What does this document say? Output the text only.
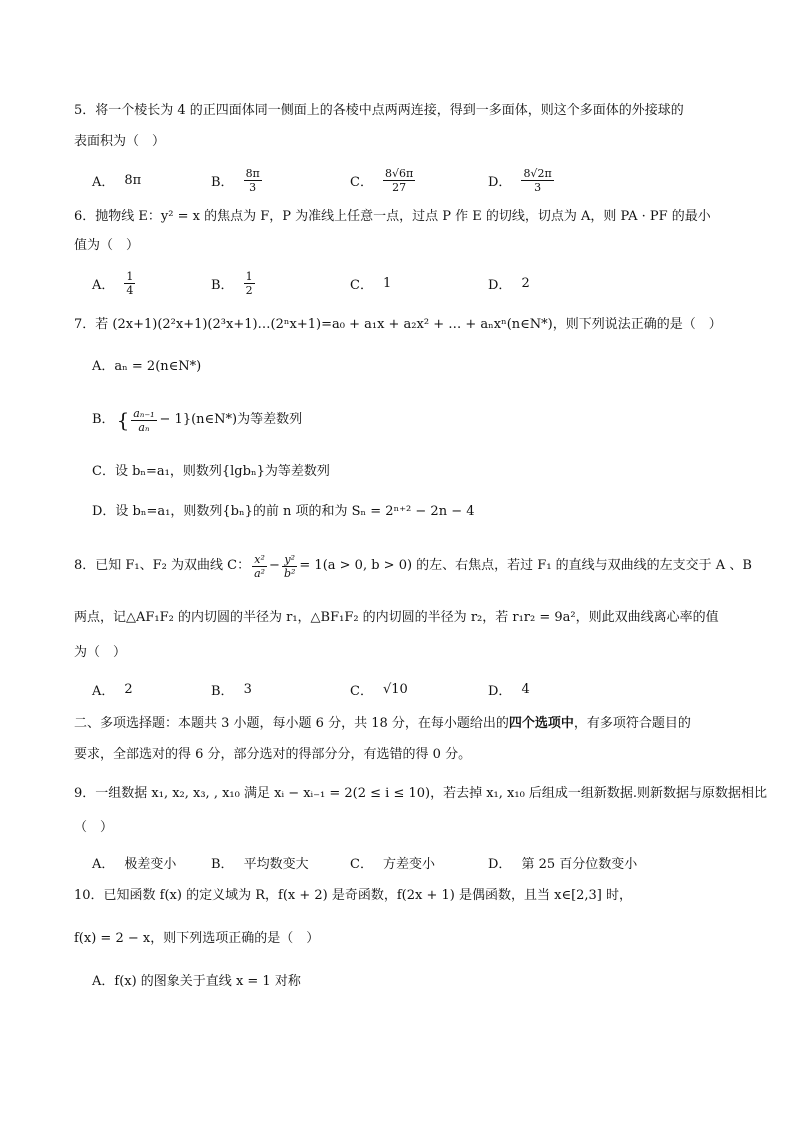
5．将一个棱长为 4 的正四面体同一侧面上的各棱中点两两连接，得到一多面体，则这个多面体的外接球的
表面积为（　）
A． 8π	B． $\frac{8\pi}{3}$	C． $\frac{8√6\pi}{27}$	D． $\frac{8√2\pi}{3}$
6．抛物线 E：y² = x 的焦点为 F，P 为准线上任意一点，过点 P 作 E 的切线，切点为 A，则 PA · PF 的最小
值为（　）
A． $\frac{1}{4}$	B． $\frac{1}{2}$	C． 1	D． 2
7．若 (2x+1)(2²x+1)(2³x+1)…(2ⁿx+1)=a₀ + a₁x + a₂x² + … + aₙxⁿ(n∈N*)，则下列说法正确的是（　）
A．aₙ = 2(n∈N*)
B． { $\frac{\text{aₙ₋₁}}{\text{aₙ}}$ − 1}(n∈N*)为等差数列
C．设 bₙ=a₁，则数列{lgbₙ}为等差数列
D．设 bₙ=a₁，则数列{bₙ}的前 n 项的和为 Sₙ = 2ⁿ⁺² − 2n − 4
8．已知 F₁、F₂ 为双曲线 C： $\frac{\text{x²}}{\text{a²}} - \frac{\text{y²}}{\text{b²}} = 1(a > 0$, b > 0) 的左、右焦点，若过 F₁ 的直线与双曲线的左支交于 A 、B
两点，记△AF₁F₂ 的内切圆的半径为 r₁，△BF₁F₂ 的内切圆的半径为 r₂，若 r₁r₂ = 9a²，则此双曲线离心率的值
为（　）
A． 2	B． 3	C． √10	D． 4
二、多项选择题：本题共 3 小题，每小题 6 分，共 18 分，在每小题给出的四个选项中，有多项符合题目的
要求，全部选对的得 6 分，部分选对的得部分分，有选错的得 0 分。
9．一组数据 x₁, x₂, x₃, , x₁₀ 满足 xᵢ − xᵢ₋₁ = 2(2 ≤ i ≤ 10)，若去掉 x₁, x₁₀ 后组成一组新数据.则新数据与原数据相比
（　）
A． 极差变小	B． 平均数变大	C． 方差变小	D． 第 25 百分位数变小
10．已知函数 f(x) 的定义域为 R，f(x + 2) 是奇函数，f(2x + 1) 是偶函数，且当 x∈[2,3] 时，
f(x) = 2 − x，则下列选项正确的是（　）
A．f(x) 的图象关于直线 x = 1 对称
